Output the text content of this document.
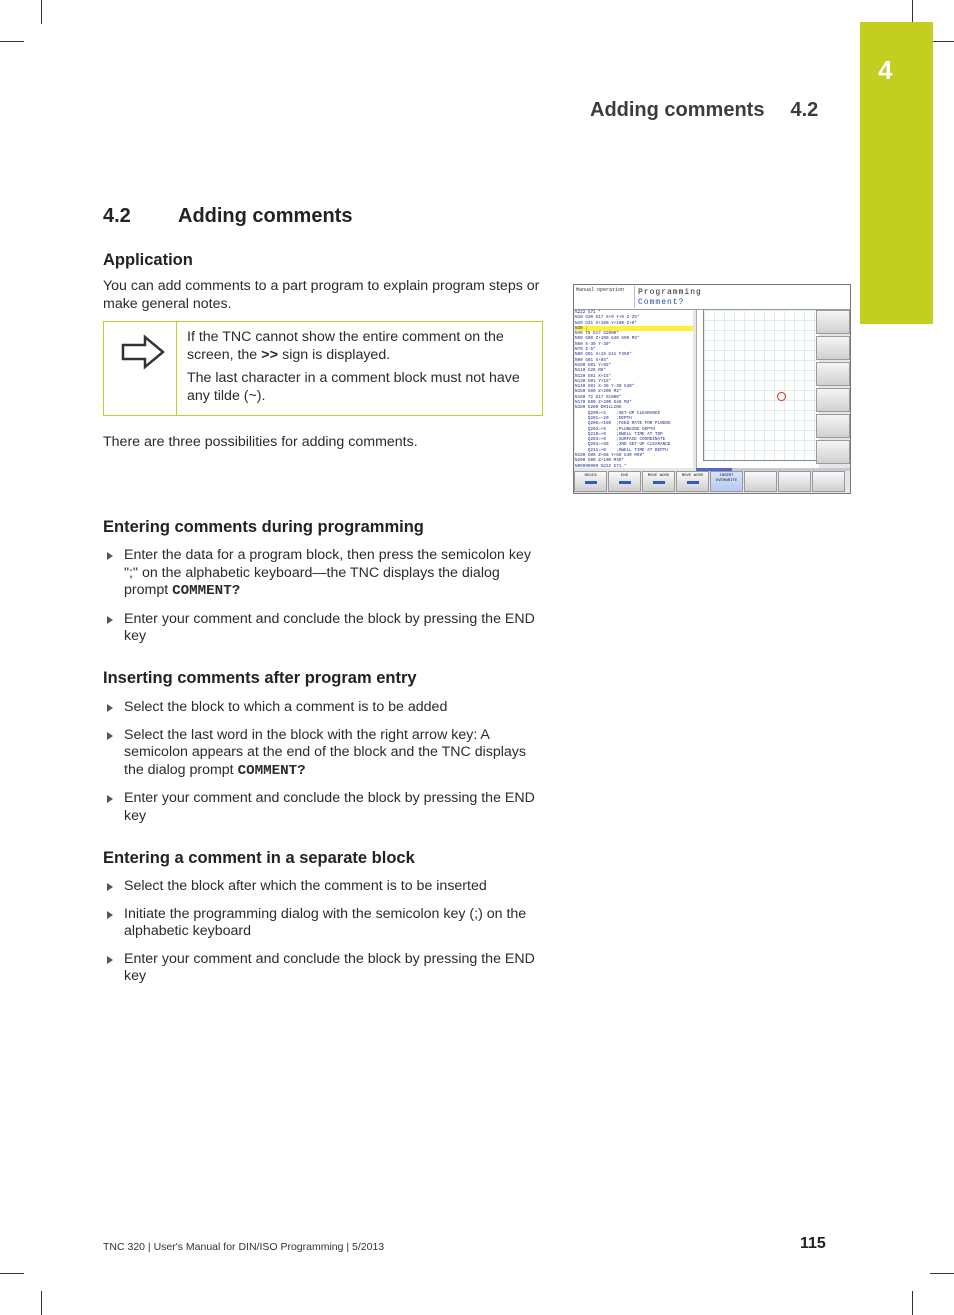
4
Adding comments 4.2
4.2 Adding comments
Application

You can add comments to a part program to explain program steps or make general notes.

If the TNC cannot show the entire comment on the screen, the >> sign is displayed.

The last character in a comment block must not have any tilde (~).

There are three possibilities for adding comments.

Manual operation Programming
Comment?
%222 G71 *
N10 G30 G17 X+0 Y+0 Z-25*
N20 G31 X+100 Y+100 Z+0*
N30 ;
N40 T5 G17 S2000*
N50 G00 Z+100 G40 G90 M3*
N60 X-30 Y-30*
N70 Z-5*
N80 G01 X+15 G41 F350*
N90 G01 X+85*
N100 G01 Y+85*
N110 G26 R5*
N120 G01 X+15*
N130 G01 Y+15*
N140 G01 X-30 Y-30 G40*
N150 G00 Z+200 M2*
N160 T2 G17 S1900*
N170 G00 Z+200 G40 M3*
N180 G200 DRILLING
Q200=+2    ;SET-UP CLEARANCE
Q201=-20   ;DEPTH
Q206=+150  ;FEED RATE FOR PLNGNG
Q202=+5    ;PLUNGING DEPTH
Q210=+0    ;DWELL TIME AT TOP
Q203=+0    ;SURFACE COORDINATE
Q204=+50   ;2ND SET-UP CLEARANCE
Q211=+0    ;DWELL TIME AT DEPTH
N190 G00 Z+60 Y+50 G40 M99*
N200 G00 Z+100 M30*
N99999999 %222 G71 *
BEGIN	END	MOVE WORD	MOVE WORD	INSERT OVERWRITE
Entering comments during programming
Enter the data for a program block, then press the semicolon key ";" on the alphabetic keyboard—the TNC displays the dialog prompt COMMENT?
Enter your comment and conclude the block by pressing the END key
Inserting comments after program entry
Select the block to which a comment is to be added
Select the last word in the block with the right arrow key: A semicolon appears at the end of the block and the TNC displays the dialog prompt COMMENT?
Enter your comment and conclude the block by pressing the END key
Entering a comment in a separate block
Select the block after which the comment is to be inserted
Initiate the programming dialog with the semicolon key (;) on the alphabetic keyboard
Enter your comment and conclude the block by pressing the END key
TNC 320 | User's Manual for DIN/ISO Programming | 5/2013	115
